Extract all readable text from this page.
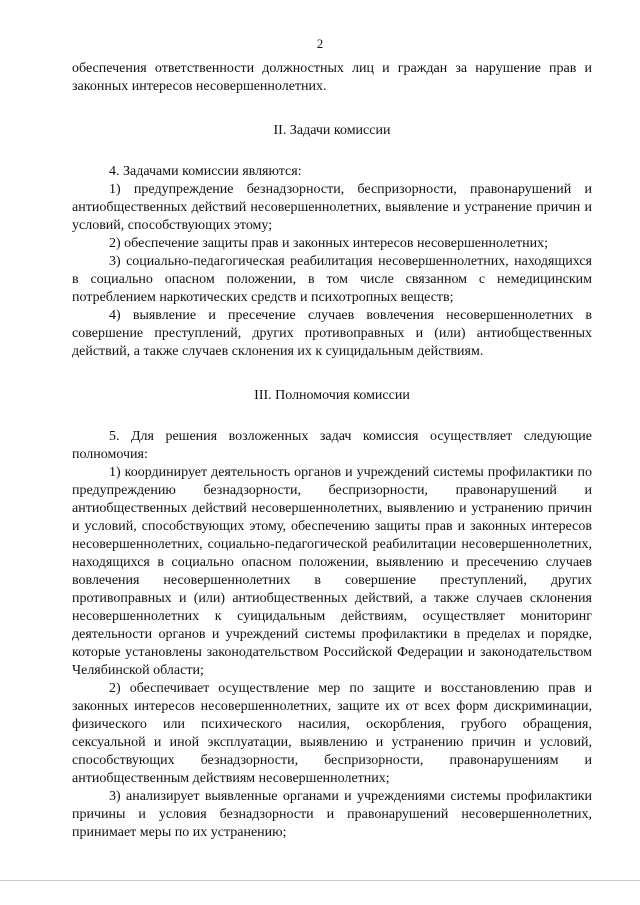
2

обеспечения ответственности должностных лиц и граждан за нарушение прав и законных интересов несовершеннолетних.

II. Задачи комиссии

4. Задачами комиссии являются:

1) предупреждение безнадзорности, беспризорности, правонарушений и антиобщественных действий несовершеннолетних, выявление и устранение причин и условий, способствующих этому;

2) обеспечение защиты прав и законных интересов несовершеннолетних;

3) социально-педагогическая реабилитация несовершеннолетних, находящихся в социально опасном положении, в том числе связанном с немедицинским потреблением наркотических средств и психотропных веществ;

4) выявление и пресечение случаев вовлечения несовершеннолетних в совершение преступлений, других противоправных и (или) антиобщественных действий, а также случаев склонения их к суицидальным действиям.

III. Полномочия комиссии

5. Для решения возложенных задач комиссия осуществляет следующие полномочия:

1) координирует деятельность органов и учреждений системы профилактики по предупреждению безнадзорности, беспризорности, правонарушений и антиобщественных действий несовершеннолетних, выявлению и устранению причин и условий, способствующих этому, обеспечению защиты прав и законных интересов несовершеннолетних, социально-педагогической реабилитации несовершеннолетних, находящихся в социально опасном положении, выявлению и пресечению случаев вовлечения несовершеннолетних в совершение преступлений, других противоправных и (или) антиобщественных действий, а также случаев склонения несовершеннолетних к суицидальным действиям, осуществляет мониторинг деятельности органов и учреждений системы профилактики в пределах и порядке, которые установлены законодательством Российской Федерации и законодательством Челябинской области;

2) обеспечивает осуществление мер по защите и восстановлению прав и законных интересов несовершеннолетних, защите их от всех форм дискриминации, физического или психического насилия, оскорбления, грубого обращения, сексуальной и иной эксплуатации, выявлению и устранению причин и условий, способствующих безнадзорности, беспризорности, правонарушениям и антиобщественным действиям несовершеннолетних;

3) анализирует выявленные органами и учреждениями системы профилактики причины и условия безнадзорности и правонарушений несовершеннолетних, принимает меры по их устранению;
